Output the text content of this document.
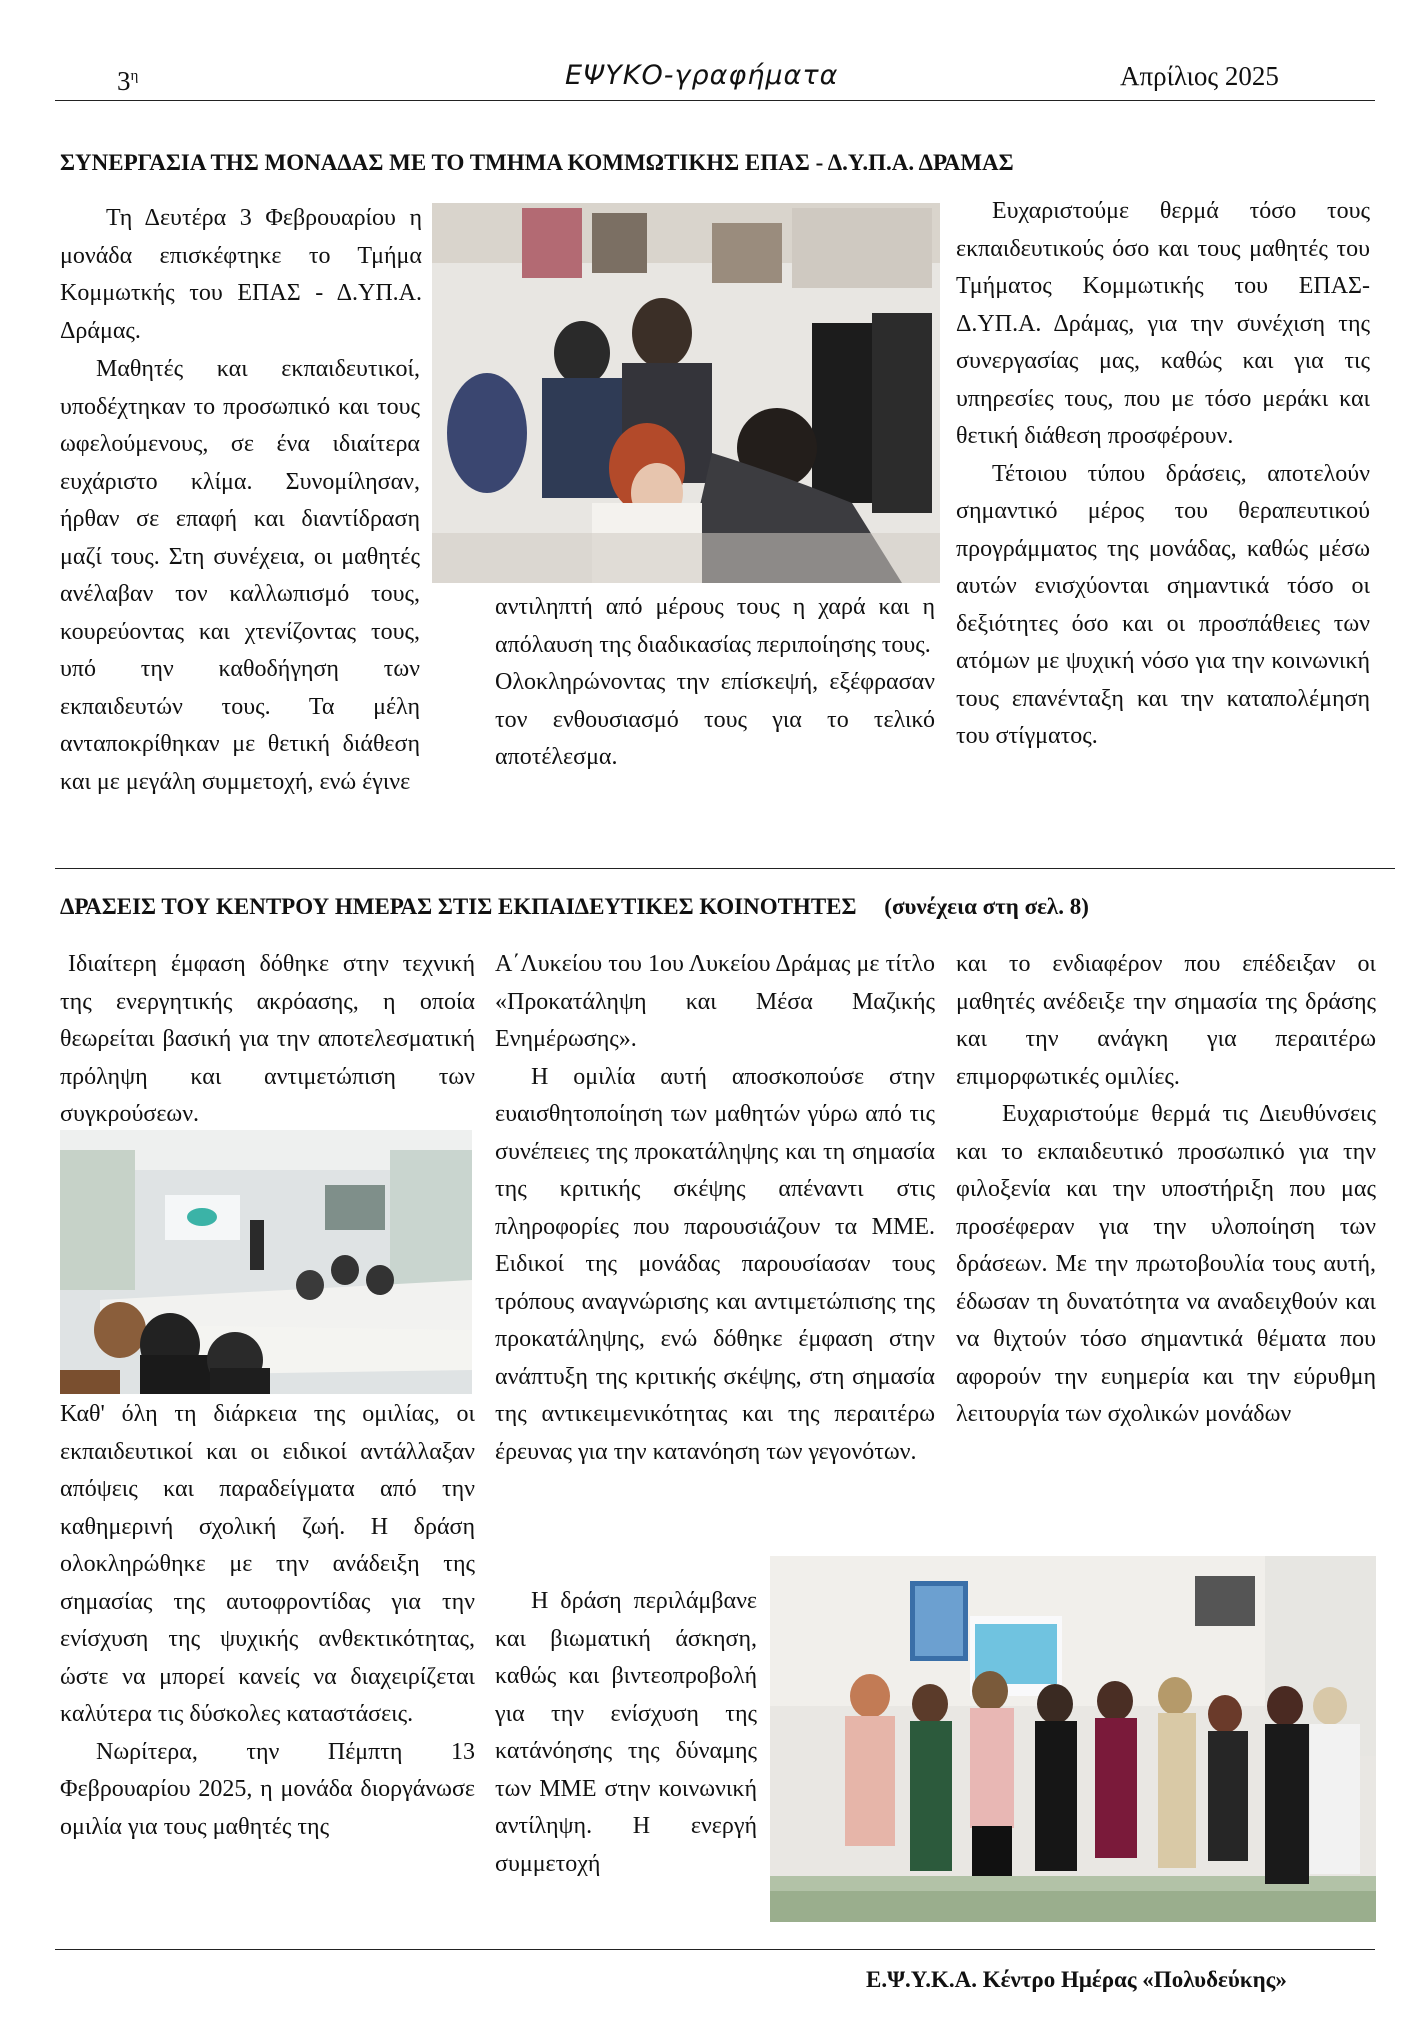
$3^\eta$	ΕΨΥΚΟ-γραφήματα	Απρίλιος 2025
ΣΥΝΕΡΓΑΣΙΑ ΤΗΣ ΜΟΝΑΔΑΣ ΜΕ ΤΟ ΤΜΗΜΑ ΚΟΜΜΩΤΙΚΗΣ ΕΠΑΣ - Δ.Υ.Π.Α. ΔΡΑΜΑΣ

Τη Δευτέρα 3 Φεβρουαρίου η μονάδα επισκέφτηκε το Τμήμα Κομμωτκής του ΕΠΑΣ - Δ.ΥΠ.Α. Δράμας.

Μαθητές και εκπαιδευτικοί, υποδέχτηκαν το προσωπικό και τους ωφελούμενους, σε ένα ιδιαίτερα ευχάριστο κλίμα. Συνομίλησαν, ήρθαν σε επαφή και διαντίδραση μαζί τους. Στη συνέχεια, οι μαθητές ανέλαβαν τον καλλωπισμό τους, κουρεύοντας και χτενίζοντας τους, υπό την καθοδήγηση των εκπαιδευτών τους. Τα μέλη ανταποκρίθηκαν με θετική διάθεση και με μεγάλη συμμετοχή, ενώ έγινε

αντιληπτή από μέρους τους η χαρά και η απόλαυση της διαδικασίας περιποίησης τους.

Ολοκληρώνοντας την επίσκεψή, εξέφρασαν τον ενθουσιασμό τους για το τελικό αποτέλεσμα.

Ευχαριστούμε θερμά τόσο τους εκπαιδευτικούς όσο και τους μαθητές του Τμήματος Κομμωτικής του ΕΠΑΣ-Δ.ΥΠ.Α. Δράμας, για την συνέχιση της συνεργασίας μας, καθώς και για τις υπηρεσίες τους, που με τόσο μεράκι και θετική διάθεση προσφέρουν.

Τέτοιου τύπου δράσεις, αποτελούν σημαντικό μέρος του θεραπευτικού προγράμματος της μονάδας, καθώς μέσω αυτών ενισχύονται σημαντικά τόσο οι δεξιότητες όσο και οι προσπάθειες των ατόμων με ψυχική νόσο για την κοινωνική τους επανένταξη και την καταπολέμηση του στίγματος.

ΔΡΑΣΕΙΣ ΤΟΥ ΚΕΝΤΡΟΥ ΗΜΕΡΑΣ ΣΤΙΣ ΕΚΠΑΙΔΕΥΤΙΚΕΣ ΚΟΙΝΟΤΗΤΕΣ (συνέχεια στη σελ. 8)

Ιδιαίτερη έμφαση δόθηκε στην τεχνική της ενεργητικής ακρόασης, η οποία θεωρείται βασική για την αποτελεσματική πρόληψη και αντιμετώπιση των συγκρούσεων.

Καθ' όλη τη διάρκεια της ομιλίας, οι εκπαιδευτικοί και οι ειδικοί αντάλλαξαν απόψεις και παραδείγματα από την καθημερινή σχολική ζωή. Η δράση ολοκληρώθηκε με την ανάδειξη της σημασίας της αυτοφροντίδας για την ενίσχυση της ψυχικής ανθεκτικότητας, ώστε να μπορεί κανείς να διαχειρίζεται καλύτερα τις δύσκολες καταστάσεις.

Νωρίτερα, την Πέμπτη 13 Φεβρουαρίου 2025, η μονάδα διοργάνωσε ομιλία για τους μαθητές της

Α΄Λυκείου του 1ου Λυκείου Δράμας με τίτλο «Προκατάληψη και Μέσα Μαζικής Ενημέρωσης».

Η ομιλία αυτή αποσκοπούσε στην ευαισθητοποίηση των μαθητών γύρω από τις συνέπειες της προκατάληψης και τη σημασία της κριτικής σκέψης απέναντι στις πληροφορίες που παρουσιάζουν τα ΜΜΕ. Ειδικοί της μονάδας παρουσίασαν τους τρόπους αναγνώρισης και αντιμετώπισης της προκατάληψης, ενώ δόθηκε έμφαση στην ανάπτυξη της κριτικής σκέψης, στη σημασία της αντικειμενικότητας και της περαιτέρω έρευνας για την κατανόηση των γεγονότων.

Η δράση περιλάμβανε και βιωματική άσκηση, καθώς και βιντεοπροβολή για την ενίσχυση της κατάνόησης της δύναμης των ΜΜΕ στην κοινωνική αντίληψη. Η ενεργή συμμετοχή

και το ενδιαφέρον που επέδειξαν οι μαθητές ανέδειξε την σημασία της δράσης και την ανάγκη για περαιτέρω επιμορφωτικές ομιλίες.

Ευχαριστούμε θερμά τις Διευθύνσεις και το εκπαιδευτικό προσωπικό για την φιλοξενία και την υποστήριξη που μας προσέφεραν για την υλοποίηση των δράσεων. Με την πρωτοβουλία τους αυτή, έδωσαν τη δυνατότητα να αναδειχθούν και να θιχτούν τόσο σημαντικά θέματα που αφορούν την ευημερία και την εύρυθμη λειτουργία των σχολικών μονάδων

Ε.Ψ.Υ.Κ.Α. Κέντρο Ημέρας «Πολυδεύκης»
